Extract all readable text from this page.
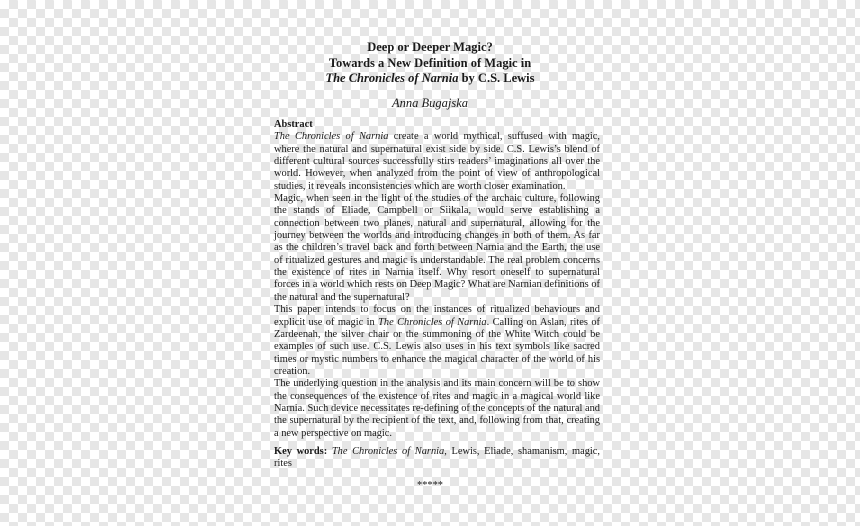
Deep or Deeper Magic?
Towards a New Definition of Magic in
The Chronicles of Narnia by C.S. Lewis
Anna Bugajska
Abstract

The Chronicles of Narnia create a world mythical, suffused with magic, where the natural and supernatural exist side by side. C.S. Lewis’s blend of different cultural sources successfully stirs readers’ imaginations all over the world. However, when analyzed from the point of view of anthropological studies, it reveals inconsistencies which are worth closer examination.

Magic, when seen in the light of the studies of the archaic culture, following the stands of Eliade, Campbell or Siikala, would serve establishing a connection between two planes, natural and supernatural, allowing for the journey between the worlds and introducing changes in both of them. As far as the children’s travel back and forth between Narnia and the Earth, the use of ritualized gestures and magic is understandable. The real problem concerns the existence of rites in Narnia itself. Why resort oneself to supernatural forces in a world which rests on Deep Magic? What are Narnian definitions of the natural and the supernatural?

This paper intends to focus on the instances of ritualized behaviours and explicit use of magic in The Chronicles of Narnia. Calling on Aslan, rites of Zardeenah, the silver chair or the summoning of the White Witch could be examples of such use. C.S. Lewis also uses in his text symbols like sacred times or mystic numbers to enhance the magical character of the world of his creation.

The underlying question in the analysis and its main concern will be to show the consequences of the existence of rites and magic in a magical world like Narnia. Such device necessitates re-defining of the concepts of the natural and the supernatural by the recipient of the text, and, following from that, creating a new perspective on magic.

Key words: The Chronicles of Narnia, Lewis, Eliade, shamanism, magic, rites
*****
